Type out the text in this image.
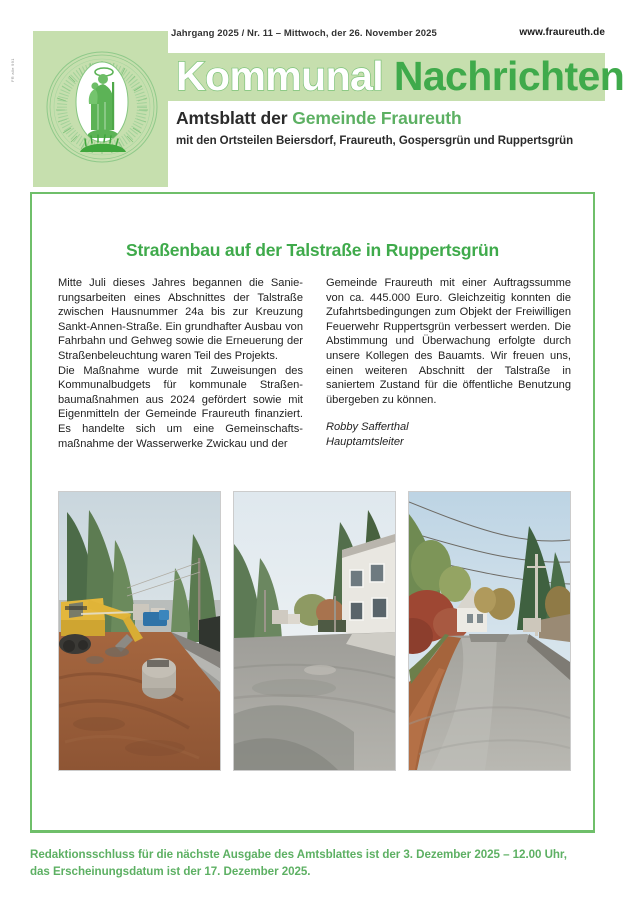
FR alle 991
Jahrgang 2025 / Nr. 11 – Mittwoch, der 26. November 2025	www.fraureuth.de
Kommunal Nachrichten
Amtsblatt der Gemeinde Fraureuth
mit den Ortsteilen Beiersdorf, Fraureuth, Gospersgrün und Ruppertsgrün
Straßenbau auf der Talstraße in Ruppertsgrün

Mitte Juli dieses Jahres begannen die Sanierungsarbeiten eines Abschnittes der Talstraße zwischen Hausnummer 24a bis zur Kreuzung Sankt-Annen-Straße. Ein grundhafter Ausbau von Fahrbahn und Gehweg sowie die Erneuerung der Straßenbeleuchtung waren Teil des Projekts.

Die Maßnahme wurde mit Zuweisungen des Kommunalbudgets für kommunale Straßenbaumaßnahmen aus 2024 gefördert sowie mit Eigenmitteln der Gemeinde Fraureuth finanziert. Es handelte sich um eine Gemeinschaftsmaßnahme der Wasserwerke Zwickau und der

Gemeinde Fraureuth mit einer Auftragssumme von ca. 445.000 Euro. Gleichzeitig konnten die Zufahrtsbedingungen zum Objekt der Freiwilligen Feuerwehr Ruppertsgrün verbessert werden. Die Abstimmung und Überwachung erfolgte durch unsere Kollegen des Bauamts. Wir freuen uns, einen weiteren Abschnitt der Talstraße in saniertem Zustand für die öffentliche Benutzung übergeben zu können.

Robby Safferthal
Hauptamtsleiter
Redaktionsschluss für die nächste Ausgabe des Amtsblattes ist der 3. Dezember 2025 – 12.00 Uhr,
das Erscheinungsdatum ist der 17. Dezember 2025.
